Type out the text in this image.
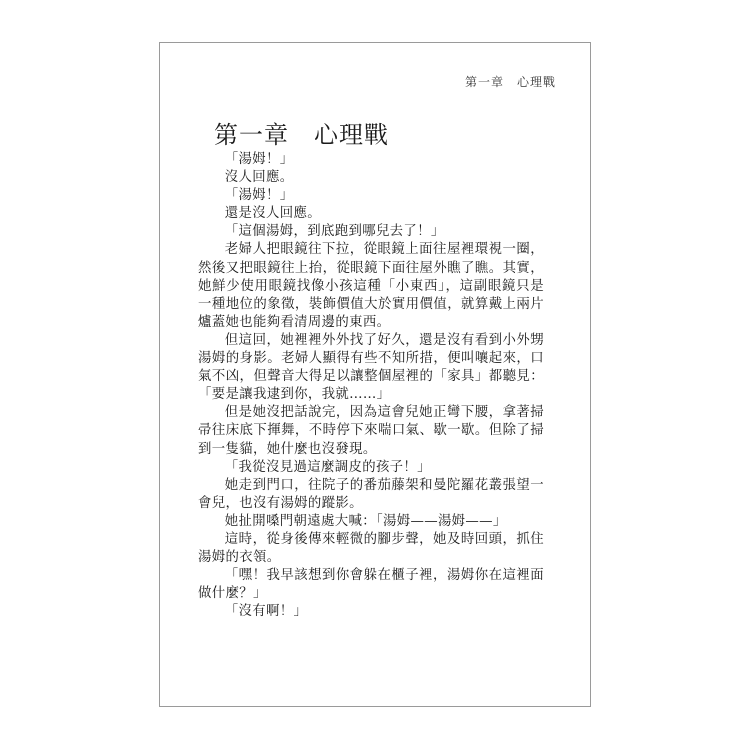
第一章　心理戰
第一章　心理戰

「湯姆！」

沒人回應。

「湯姆！」

還是沒人回應。

「這個湯姆，到底跑到哪兒去了！」

老婦人把眼鏡往下拉，從眼鏡上面往屋裡環視一圈，然後又把眼鏡往上抬，從眼鏡下面往屋外瞧了瞧。其實，她鮮少使用眼鏡找像小孩這種「小東西」，這副眼鏡只是一種地位的象徵，裝飾價值大於實用價值，就算戴上兩片爐蓋她也能夠看清周邊的東西。

但這回，她裡裡外外找了好久，還是沒有看到小外甥湯姆的身影。老婦人顯得有些不知所措，便叫嚷起來，口氣不凶，但聲音大得足以讓整個屋裡的「家具」都聽見：「要是讓我逮到你，我就……」

但是她沒把話說完，因為這會兒她正彎下腰，拿著掃帚往床底下揮舞，不時停下來喘口氣、歇一歇。但除了掃到一隻貓，她什麼也沒發現。

「我從沒見過這麼調皮的孩子！」

她走到門口，往院子的番茄藤架和曼陀羅花叢張望一會兒，也沒有湯姆的蹤影。

她扯開嗓門朝遠處大喊：「湯姆——湯姆——」

這時，從身後傳來輕微的腳步聲，她及時回頭，抓住湯姆的衣領。

「嘿！我早該想到你會躲在櫃子裡，湯姆你在這裡面做什麼？」

「沒有啊！」
